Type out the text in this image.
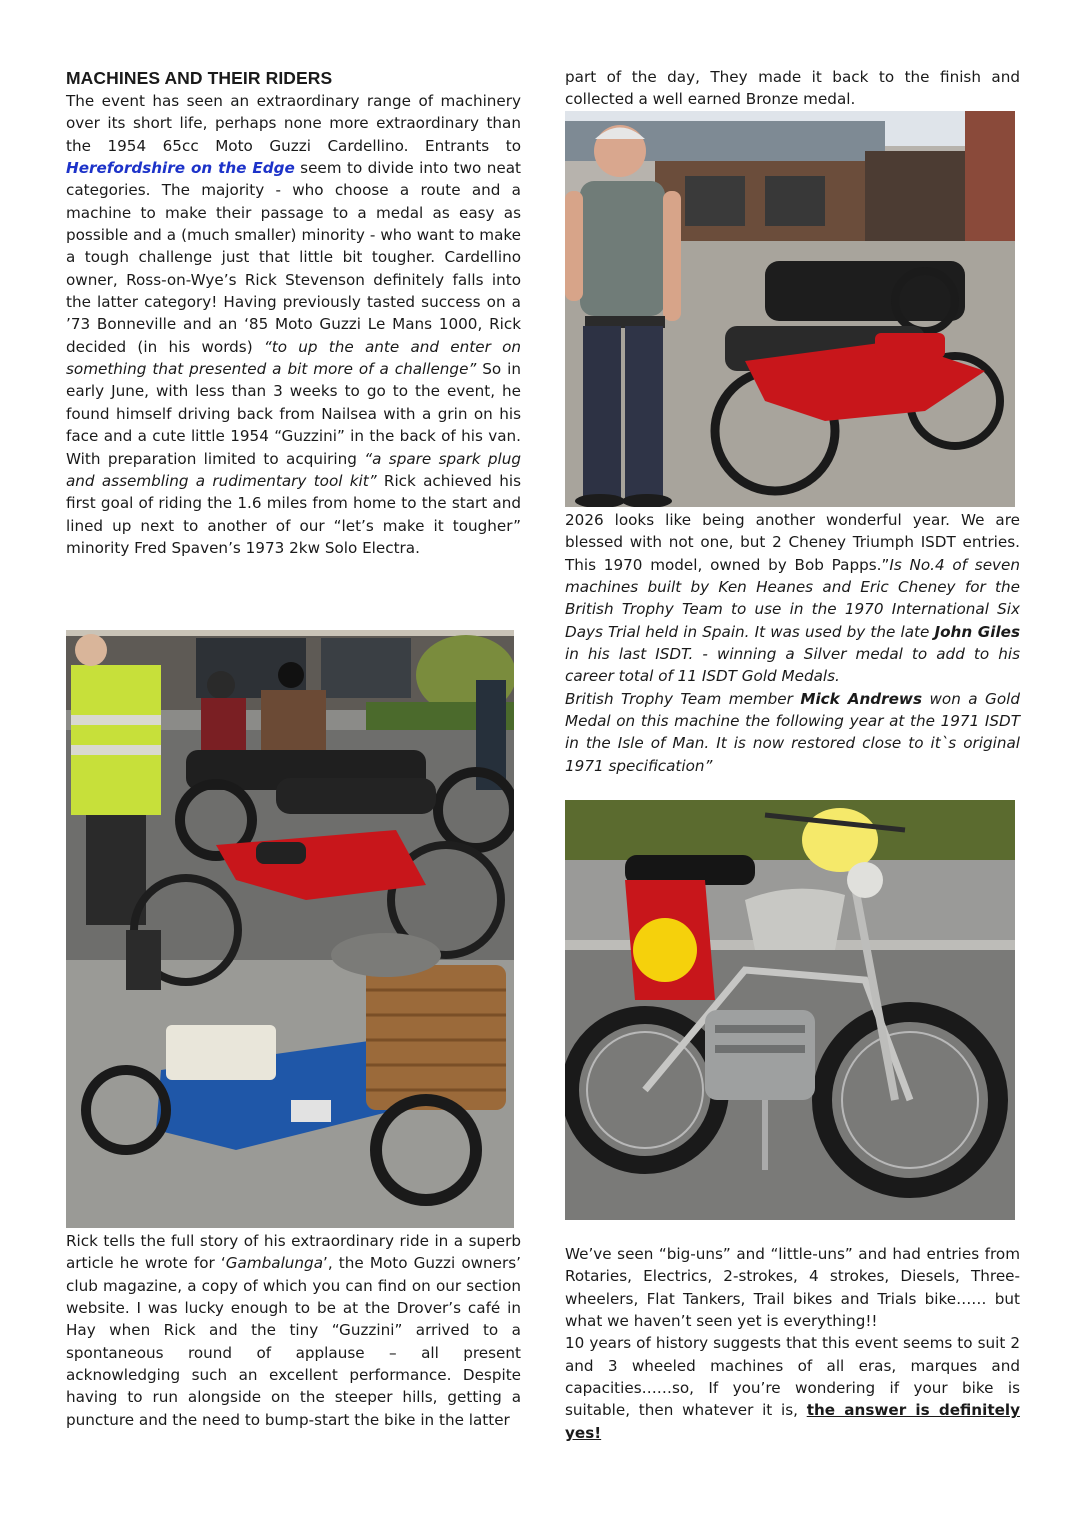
MACHINES AND THEIR RIDERS

The event has seen an extraordinary range of machinery over its short life, perhaps none more extraordinary than the 1954 65cc Moto Guzzi Cardellino. Entrants to Herefordshire on the Edge seem to divide into two neat categories. The majority - who choose a route and a machine to make their passage to a medal as easy as possible and a (much smaller) minority - who want to make a tough challenge just that little bit tougher. Cardellino owner, Ross-on-Wye’s Rick Stevenson definitely falls into the latter category! Having previously tasted success on a ’73 Bonneville and an ‘85 Moto Guzzi Le Mans 1000, Rick decided (in his words) “to up the ante and enter on something that presented a bit more of a challenge” So in early June, with less than 3 weeks to go to the event, he found himself driving back from Nailsea with a grin on his face and a cute little 1954 “Guzzini” in the back of his van. With preparation limited to acquiring “a spare spark plug and assembling a rudimentary tool kit” Rick achieved his first goal of riding the 1.6 miles from home to the start and lined up next to another of our “let’s make it tougher” minority Fred Spaven’s 1973 2kw Solo Electra.

Rick tells the full story of his extraordinary ride in a superb article he wrote for ‘Gambalunga’, the Moto Guzzi owners’ club magazine, a copy of which you can find on our section website. I was lucky enough to be at the Drover’s café in Hay when Rick and the tiny “Guzzini” arrived to a spontaneous round of applause – all present acknowledging such an excellent performance. Despite having to run alongside on the steeper hills, getting a puncture and the need to bump-start the bike in the latter

part of the day, They made it back to the finish and collected a well earned Bronze medal.

2026 looks like being another wonderful year. We are blessed with not one, but 2 Cheney Triumph ISDT entries. This 1970 model, owned by Bob Papps.”Is No.4 of seven machines built by Ken Heanes and Eric Cheney for the British Trophy Team to use in the 1970 International Six Days Trial held in Spain. It was used by the late John Giles in his last ISDT. - winning a Silver medal to add to his career total of 11 ISDT Gold Medals.

British Trophy Team member Mick Andrews won a Gold Medal on this machine the following year at the 1971 ISDT in the Isle of Man. It is now restored close to it`s original 1971 specification”

We’ve seen “big-uns” and “little-uns” and had entries from Rotaries, Electrics, 2-strokes, 4 strokes, Diesels, Three-wheelers, Flat Tankers, Trail bikes and Trials bike…… but what we haven’t seen yet is everything!!

10 years of history suggests that this event seems to suit 2 and 3 wheeled machines of all eras, marques and capacities……so, If you’re wondering if your bike is suitable, then whatever it is, the answer is definitely yes!
